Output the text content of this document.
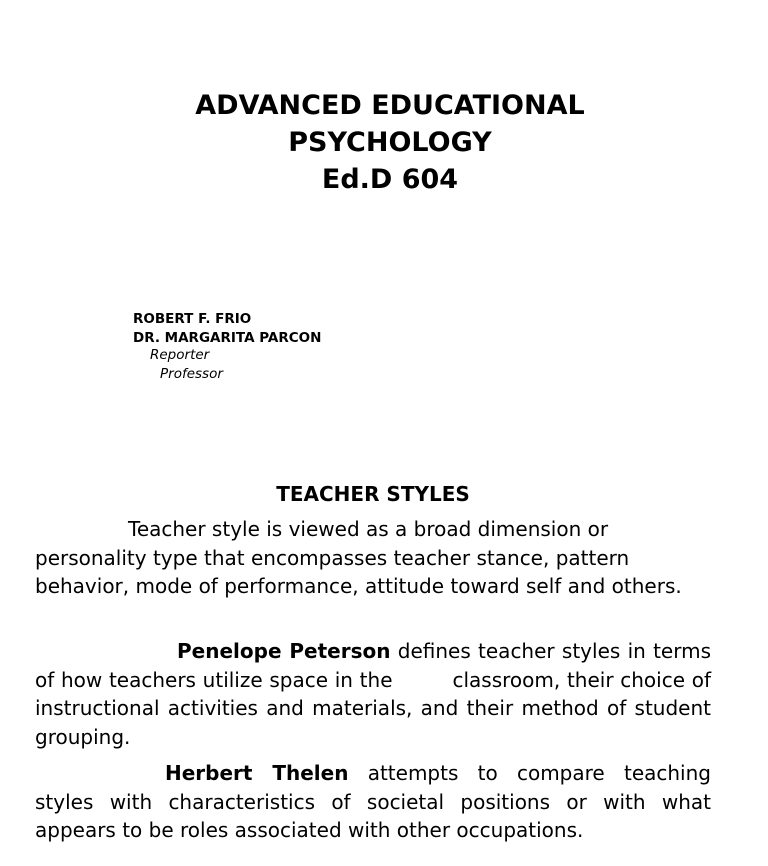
ADVANCED EDUCATIONAL
PSYCHOLOGY
Ed.D 604
ROBERT F. FRIO
DR. MARGARITA PARCON
Reporter
Professor
TEACHER STYLES
Teacher style is viewed as a broad dimension or personality type that encompasses teacher stance, pattern behavior, mode of performance, attitude toward self and others.
Penelope Peterson defines teacher styles in terms of how teachers utilize space in the	classroom, their choice of instructional activities and materials, and their method of student grouping.
Herbert Thelen attempts to compare teaching styles with characteristics of societal positions or with what appears to be roles associated with other occupations.
